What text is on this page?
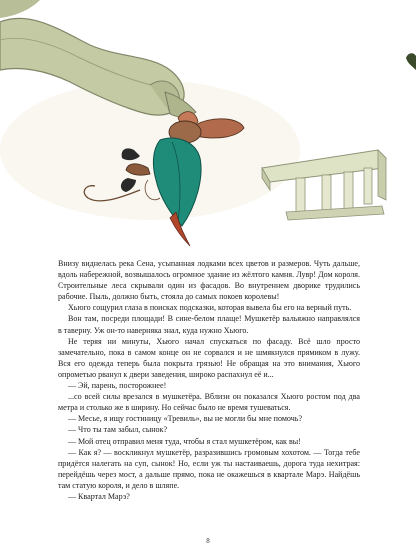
Внизу виднелась река Сена, усыпанная лодками всех цветов и размеров. Чуть дальше, вдоль набережной, возвышалось огромное здание из жёлтого камня. Лувр! Дом короля. Строительные леса скрывали один из фасадов. Во внутреннем дворике трудились рабочие. Пыль, должно быть, стояла до самых покоев королевы!

Хьюго сощурил глаза в поисках подсказки, которая вывела бы его на верный путь.

Вон там, посреди площади! В сине-белом плаще! Мушкетёр вальяжно направлялся в таверну. Уж он-то наверняка знал, куда нужно Хьюго.

Не теряя ни минуты, Хьюго начал спускаться по фасаду. Всё шло просто замечательно, пока в самом конце он не сорвался и не шмякнулся прямиком в лужу. Вся его одежда теперь была покрыта грязью! Не обращая на это внимания, Хьюго опрометью рванул к двери заведения, широко распахнул её и...

— Эй, парень, посторожнее!

...со всей силы врезался в мушкетёра. Вблизи он показался Хьюго ростом под два метра и столько же в ширину. Но сейчас было не время тушеваться.

— Месье, я ищу гостиницу «Тревиль», вы не могли бы мне помочь?

— Что ты там забыл, сынок?

— Мой отец отправил меня туда, чтобы я стал мушкетёром, как вы!

— Как я? — воскликнул мушкетёр, разразившись громовым хохотом. — Тогда тебе придётся налегать на суп, сынок! Но, если уж ты настаиваешь, дорога туда нехитрая: перейдёшь через мост, а дальше прямо, пока не окажешься в квартале Марэ. Найдёшь там статую короля, и дело в шляпе.

— Квартал Марэ?

8
